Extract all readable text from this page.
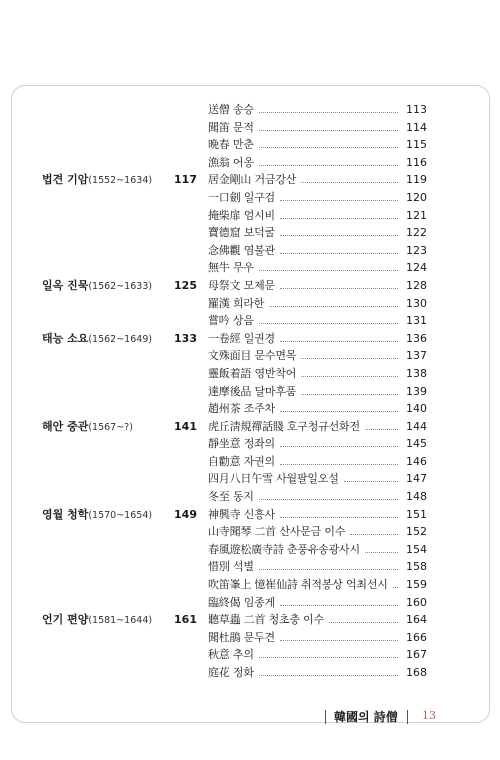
送僧 송승	113
聞笛 문적	114
晩春 만춘	115
漁翁 어옹	116
법견 기암(1552~1634) 117 居金剛山 거금강산	119
一口劍 일구검	120
掩柴扉 엄시비	121
寶德窟 보덕굴	122
念佛觀 염불관	123
無牛 무우	124
일옥 진묵(1562~1633) 125 母祭文 모제문	128
羅漢 희라한	130
嘗吟 상음	131
태능 소요(1562~1649) 133 一卷經 일권경	136
文殊面目 문수면목	137
靈飯着語 영반착어	138
達摩後品 달마후품	139
趙州茶 조주차	140
해안 중관(1567~?)	141 虎丘淸規禪話賤 호구청규선화전	144
靜坐意 정좌의	145
自勸意 자권의	146
四月八日午雪 사월팔일오설	147
冬至 동지	148
영월 청학(1570~1654) 149 神興寺 신흥사	151
山寺聞琴 二首 산사문금 이수	152
春風遊松廣寺詩 춘풍유송광사시	154
惜別 석별	158
吹笛峯上 憶崔仙詩 취적봉상 억최선시 159
臨終偈 임종게	160
언기 편양(1581~1644) 161 聽草蟲 二首 청초충 이수	164
聞杜鵑 문두견	166
秋意 추의	167
庭花 정화	168
韓國의 詩僧 13
